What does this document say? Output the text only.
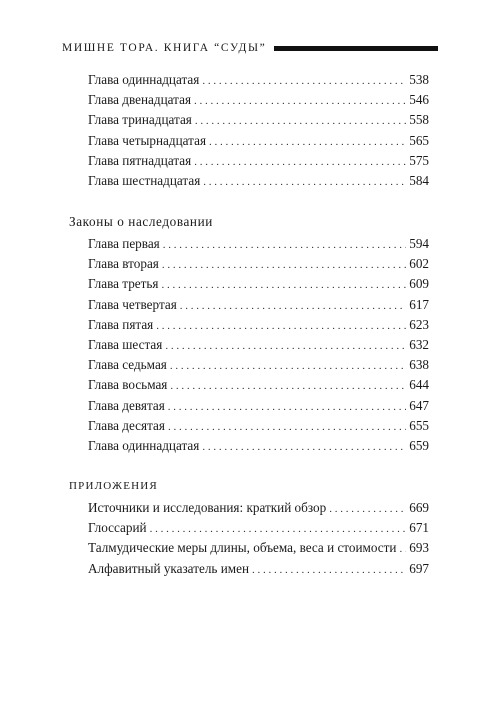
МИШНЕ ТОРА. КНИГА “СУДЫ”
Глава одиннадцатая . . .	538
Глава двенадцатая . . .	546
Глава тринадцатая . . .	558
Глава четырнадцатая . . .	565
Глава пятнадцатая . . .	575
Глава шестнадцатая . . .	584
Законы о наследовании
Глава первая . . .	594
Глава вторая . . .	602
Глава третья . . .	609
Глава четвертая . . .	617
Глава пятая . . .	623
Глава шестая . . .	632
Глава седьмая . . .	638
Глава восьмая . . .	644
Глава девятая . . .	647
Глава десятая . . .	655
Глава одиннадцатая . . .	659
ПРИЛОЖЕНИЯ
Источники и исследования: краткий обзор . . .	669
Глоссарий . . .	671
Талмудические меры длины, объема, веса и стоимости . . . 693
Алфавитный указатель имен . . .	697
